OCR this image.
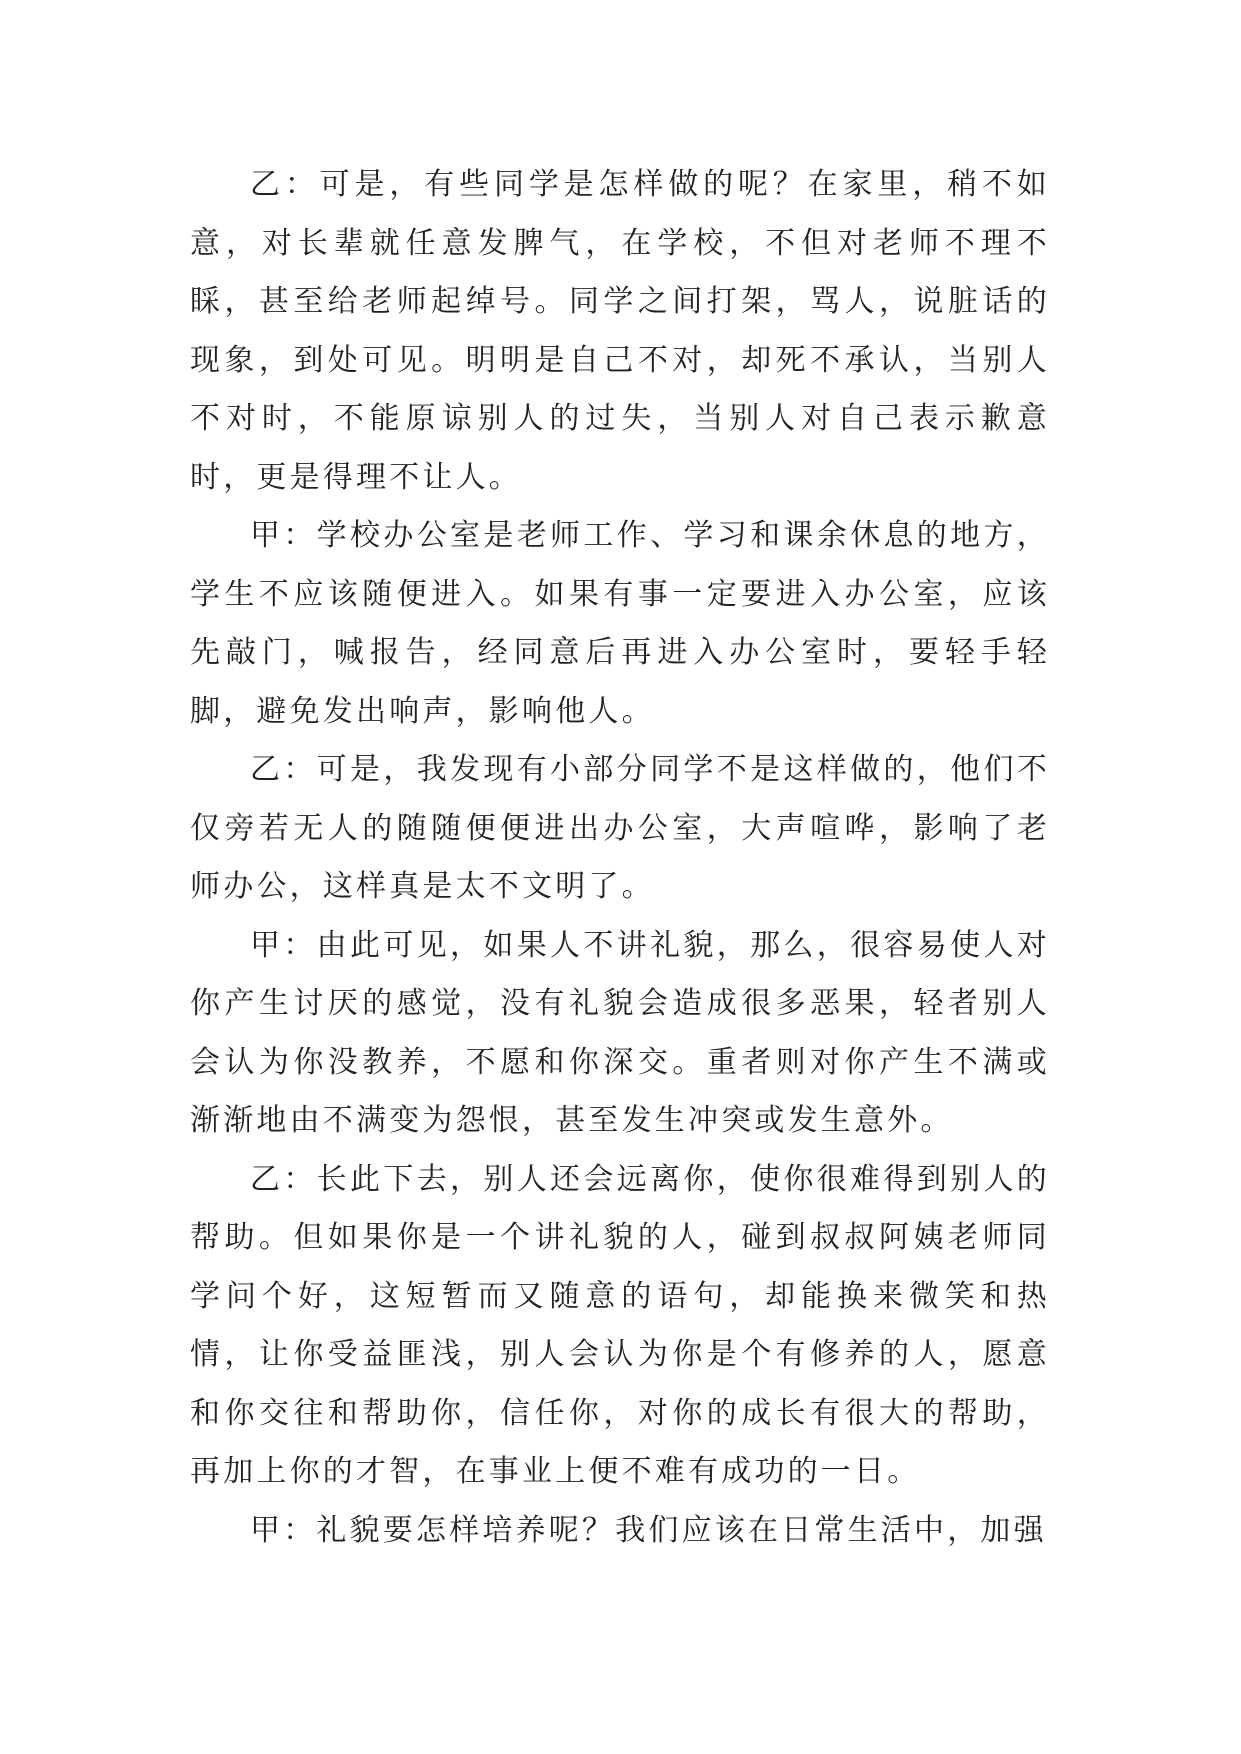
乙：可是，有些同学是怎样做的呢？在家里，稍不如意，对长辈就任意发脾气，在学校，不但对老师不理不睬，甚至给老师起绰号。同学之间打架，骂人，说脏话的现象，到处可见。明明是自己不对，却死不承认，当别人不对时，不能原谅别人的过失，当别人对自己表示歉意时，更是得理不让人。

甲：学校办公室是老师工作、学习和课余休息的地方，学生不应该随便进入。如果有事一定要进入办公室，应该先敲门，喊报告，经同意后再进入办公室时，要轻手轻脚，避免发出响声，影响他人。

乙：可是，我发现有小部分同学不是这样做的，他们不仅旁若无人的随随便便进出办公室，大声喧哗，影响了老师办公，这样真是太不文明了。

甲：由此可见，如果人不讲礼貌，那么，很容易使人对你产生讨厌的感觉，没有礼貌会造成很多恶果，轻者别人会认为你没教养，不愿和你深交。重者则对你产生不满或渐渐地由不满变为怨恨，甚至发生冲突或发生意外。

乙：长此下去，别人还会远离你，使你很难得到别人的帮助。但如果你是一个讲礼貌的人，碰到叔叔阿姨老师同学问个好，这短暂而又随意的语句，却能换来微笑和热情，让你受益匪浅，别人会认为你是个有修养的人，愿意和你交往和帮助你，信任你，对你的成长有很大的帮助，再加上你的才智，在事业上便不难有成功的一日。

甲：礼貌要怎样培养呢？我们应该在日常生活中，加强
